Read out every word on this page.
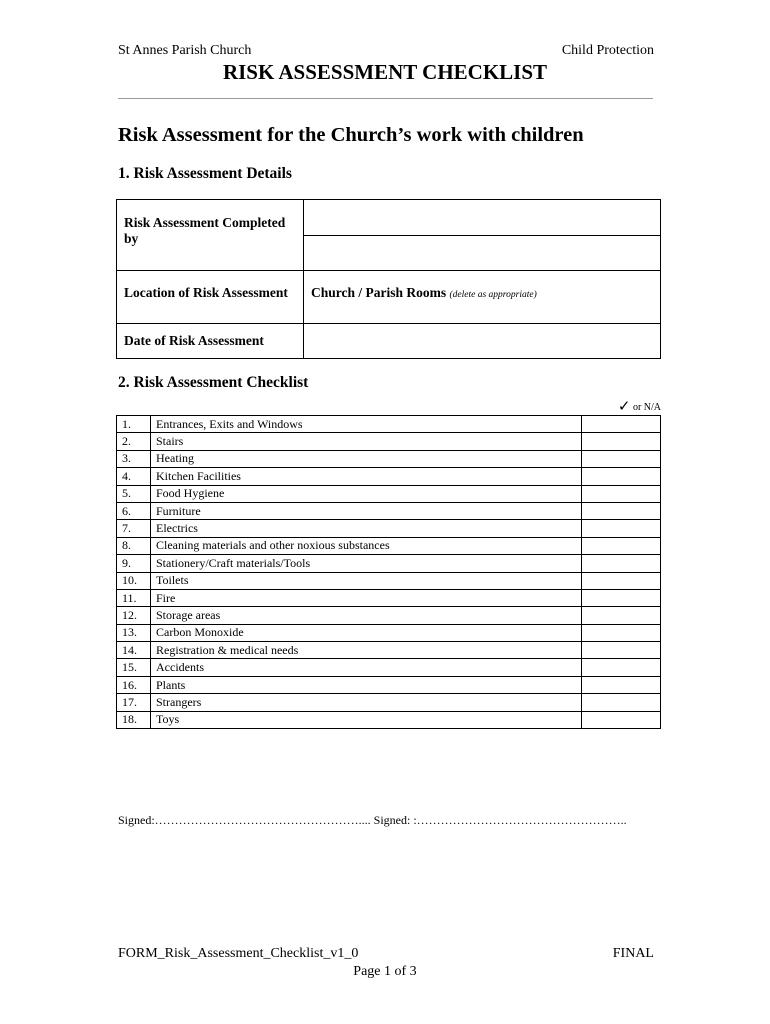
St Annes Parish Church	Child Protection
RISK ASSESSMENT CHECKLIST
Risk Assessment for the Church’s work with children
1. Risk Assessment Details
Risk Assessment Completed by	

Location of Risk Assessment	Church / Parish Rooms (delete as appropriate)
Date of Risk Assessment	
2. Risk Assessment Checklist
✓ or N/A
1.	Entrances, Exits and Windows	
2.	Stairs	
3.	Heating	
4.	Kitchen Facilities	
5.	Food Hygiene	
6.	Furniture	
7.	Electrics	
8.	Cleaning materials and other noxious substances	
9.	Stationery/Craft materials/Tools	
10.	Toilets	
11.	Fire	
12.	Storage areas	
13.	Carbon Monoxide	
14.	Registration & medical needs	
15.	Accidents	
16.	Plants	
17.	Strangers	
18.	Toys	
Signed:…………………………………………….... Signed: :……………………………………………..
FORM_Risk_Assessment_Checklist_v1_0	FINAL
Page 1 of 3
